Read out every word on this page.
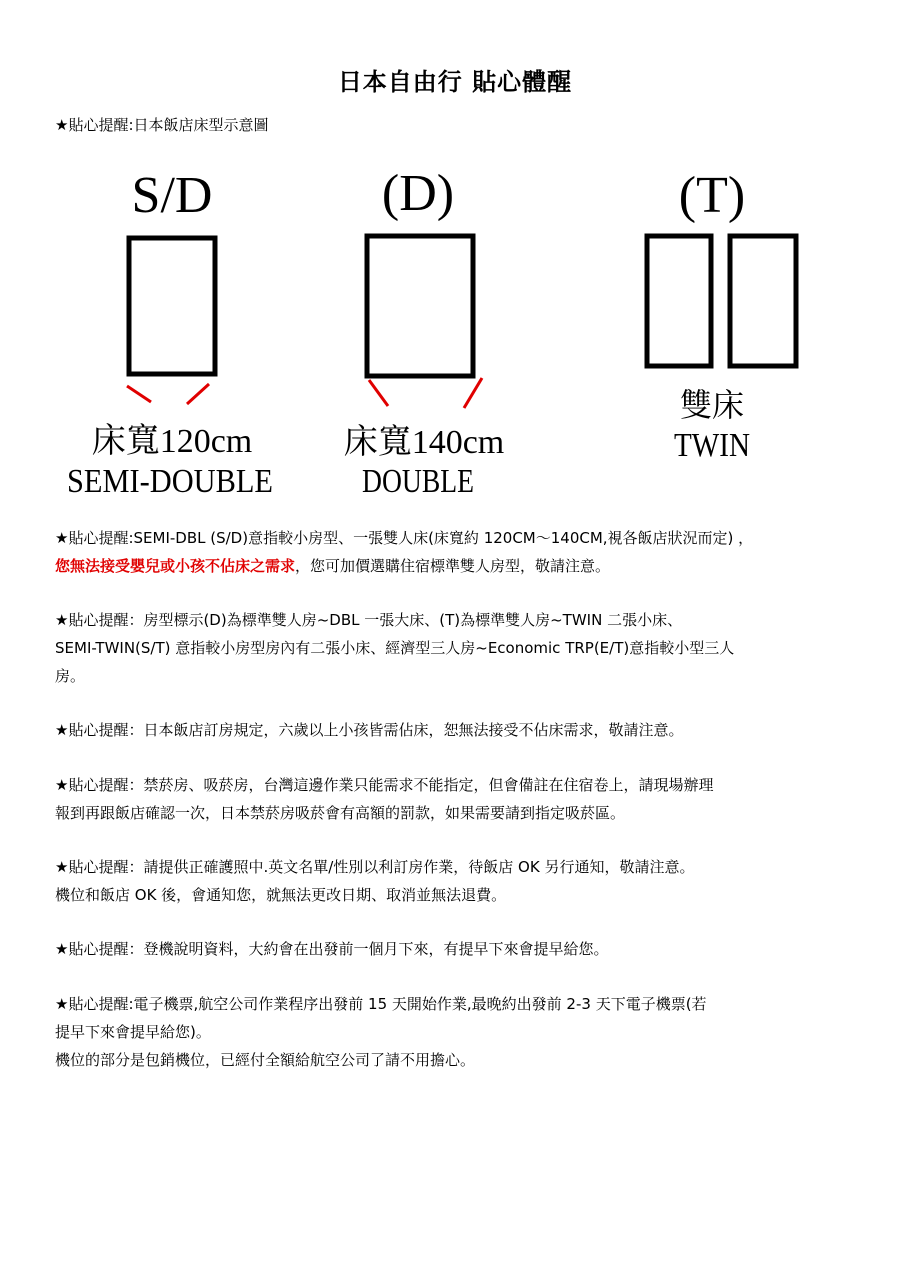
日本自由行 貼心體醒
★貼心提醒:日本飯店床型示意圖
S/D
床寬120cm
SEMI-DOUBLE
(D)
床寬140cm
DOUBLE
(T)
雙床
TWIN

★貼心提醒:SEMI-DBL (S/D)意指較小房型、一張雙人床(床寬約 120CM～140CM,視各飯店狀況而定) ，

您無法接受嬰兒或小孩不佔床之需求，您可加價選購住宿標準雙人房型，敬請注意。

★貼心提醒：房型標示(D)為標準雙人房~DBL 一張大床、(T)為標準雙人房~TWIN 二張小床、

SEMI-TWIN(S/T) 意指較小房型房內有二張小床、經濟型三人房~Economic TRP(E/T)意指較小型三人

房。

★貼心提醒：日本飯店訂房規定，六歲以上小孩皆需佔床，恕無法接受不佔床需求，敬請注意。

★貼心提醒：禁菸房、吸菸房，台灣這邊作業只能需求不能指定，但會備註在住宿卷上，請現場辦理

報到再跟飯店確認一次，日本禁菸房吸菸會有高額的罰款，如果需要請到指定吸菸區。

★貼心提醒：請提供正確護照中.英文名單/性別以利訂房作業，待飯店 OK 另行通知，敬請注意。

機位和飯店 OK 後，會通知您，就無法更改日期、取消並無法退費。

★貼心提醒：登機說明資料，大約會在出發前一個月下來，有提早下來會提早給您。

★貼心提醒:電子機票,航空公司作業程序出發前 15 天開始作業,最晚約出發前 2-3 天下電子機票(若

提早下來會提早給您)。

機位的部分是包銷機位，已經付全額給航空公司了請不用擔心。
